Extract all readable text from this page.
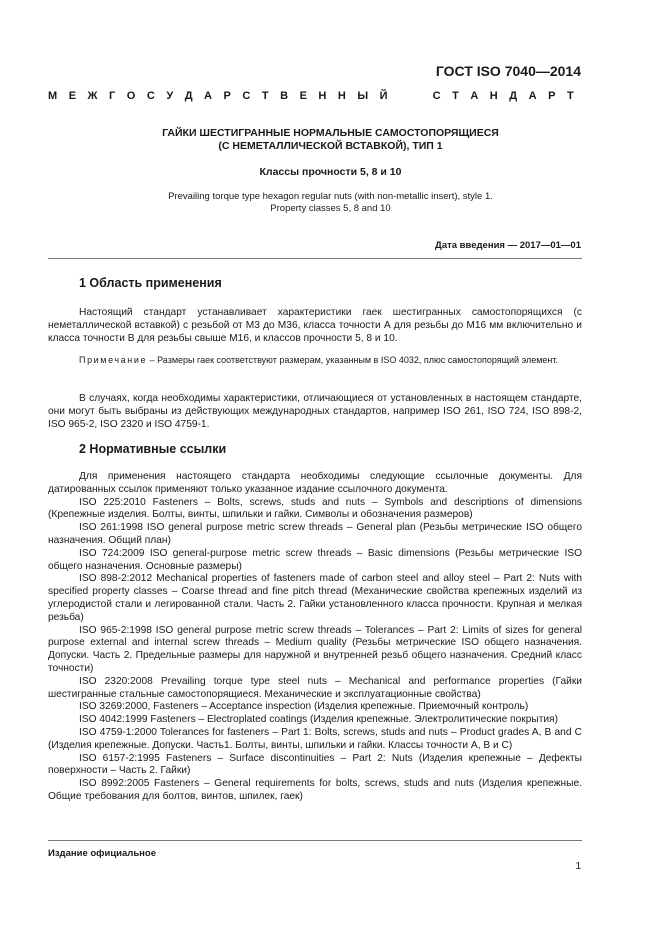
ГОСТ ISO 7040—2014
М Е Ж Г О С У Д А Р С Т В Е Н Н Ы Й	С Т А Н Д А Р Т
ГАЙКИ ШЕСТИГРАННЫЕ НОРМАЛЬНЫЕ САМОСТОПОРЯЩИЕСЯ
(С НЕМЕТАЛЛИЧЕСКОЙ ВСТАВКОЙ), ТИП 1
Классы прочности 5, 8 и 10
Prevailing torque type hexagon regular nuts (with non-metallic insert), style 1.
Property classes 5, 8 and 10
Дата введения — 2017—01—01
1 Область применения

Настоящий стандарт устанавливает характеристики гаек шестигранных самостопорящихся (с неметаллической вставкой) с резьбой от М3 до М36, класса точности А для резьбы до М16 мм включительно и класса точности В для резьбы свыше М16, и классов прочности 5, 8 и 10.

Примечание – Размеры гаек соответствуют размерам, указанным в ISO 4032, плюс самостопорящий элемент.

В случаях, когда необходимы характеристики, отличающиеся от установленных в настоящем стандарте, они могут быть выбраны из действующих международных стандартов, например ISO 261, ISO 724, ISO 898-2, ISO 965-2, ISO 2320 и ISO 4759-1.

2 Нормативные ссылки

Для применения настоящего стандарта необходимы следующие ссылочные документы. Для датированных ссылок применяют только указанное издание ссылочного документа.

ISO 225:2010 Fasteners – Bolts, screws, studs and nuts – Symbols and descriptions of dimensions (Крепежные изделия. Болты, винты, шпильки и гайки. Символы и обозначения размеров)

ISO 261:1998 ISO general purpose metric screw threads – General plan (Резьбы метрические ISO общего назначения. Общий план)

ISO 724:2009 ISO general-purpose metric screw threads – Basic dimensions (Резьбы метрические ISO общего назначения. Основные размеры)

ISO 898-2:2012 Mechanical properties of fasteners made of carbon steel and alloy steel – Part 2: Nuts with specified property classes – Coarse thread and fine pitch thread (Механические свойства крепежных изделий из углеродистой стали и легированной стали. Часть 2. Гайки установленного класса прочности. Крупная и мелкая резьба)

ISO 965-2:1998 ISO general purpose metric screw threads – Tolerances – Part 2: Limits of sizes for general purpose external and internal screw threads – Medium quality (Резьбы метрические ISO общего назначения. Допуски. Часть 2. Предельные размеры для наружной и внутренней резьб общего назначения. Средний класс точности)

ISO 2320:2008 Prevailing torque type steel nuts – Mechanical and performance properties (Гайки шестигранные стальные самостопорящиеся. Механические и эксплуатационные свойства)

ISO 3269:2000, Fasteners – Acceptance inspection (Изделия крепежные. Приемочный контроль)

ISO 4042:1999 Fasteners – Electroplated coatings (Изделия крепежные. Электролитические покрытия)

ISO 4759-1:2000 Tolerances for fasteners – Part 1: Bolts, screws, studs and nuts – Product grades A, B and C (Изделия крепежные. Допуски. Часть1. Болты, винты, шпильки и гайки. Классы точности A, B и C)

ISO 6157-2:1995 Fasteners – Surface discontinuities – Part 2: Nuts (Изделия крепежные – Дефекты поверхности – Часть 2. Гайки)

ISO 8992:2005 Fasteners – General requirements for bolts, screws, studs and nuts (Изделия крепежные. Общие требования для болтов, винтов, шпилек, гаек)

Издание официальное
1
